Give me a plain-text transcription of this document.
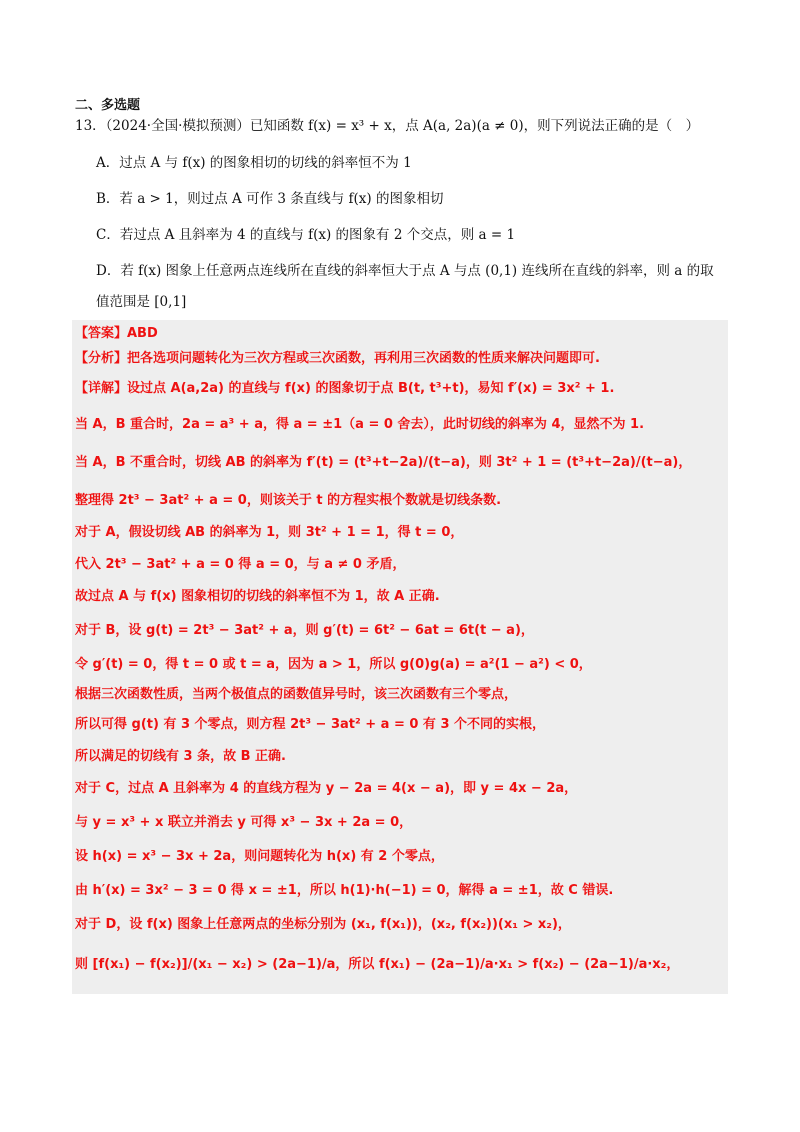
二、多选题
13．（2024·全国·模拟预测）已知函数 f(x) = x³ + x，点 A(a, 2a)(a ≠ 0)，则下列说法正确的是（　）
A．过点 A 与 f(x) 的图象相切的切线的斜率恒不为 1
B．若 a > 1，则过点 A 可作 3 条直线与 f(x) 的图象相切
C．若过点 A 且斜率为 4 的直线与 f(x) 的图象有 2 个交点，则 a = 1
D．若 f(x) 图象上任意两点连线所在直线的斜率恒大于点 A 与点 (0,1) 连线所在直线的斜率，则 a 的取
值范围是 [0,1]
【答案】ABD
【分析】把各选项问题转化为三次方程或三次函数，再利用三次函数的性质来解决问题即可.
【详解】设过点 A(a,2a) 的直线与 f(x) 的图象切于点 B(t, t³+t)，易知 f′(x) = 3x² + 1.
当 A，B 重合时，2a = a³ + a，得 a = ±1（a = 0 舍去），此时切线的斜率为 4，显然不为 1.
当 A，B 不重合时，切线 AB 的斜率为 f′(t) = (t³+t−2a)/(t−a)，则 3t² + 1 = (t³+t−2a)/(t−a)，
整理得 2t³ − 3at² + a = 0，则该关于 t 的方程实根个数就是切线条数.
对于 A，假设切线 AB 的斜率为 1，则 3t² + 1 = 1，得 t = 0，
代入 2t³ − 3at² + a = 0 得 a = 0，与 a ≠ 0 矛盾，
故过点 A 与 f(x) 图象相切的切线的斜率恒不为 1，故 A 正确.
对于 B，设 g(t) = 2t³ − 3at² + a，则 g′(t) = 6t² − 6at = 6t(t − a)，
令 g′(t) = 0，得 t = 0 或 t = a，因为 a > 1，所以 g(0)g(a) = a²(1 − a²) < 0，
根据三次函数性质，当两个极值点的函数值异号时，该三次函数有三个零点，
所以可得 g(t) 有 3 个零点，则方程 2t³ − 3at² + a = 0 有 3 个不同的实根，
所以满足的切线有 3 条，故 B 正确.
对于 C，过点 A 且斜率为 4 的直线方程为 y − 2a = 4(x − a)，即 y = 4x − 2a，
与 y = x³ + x 联立并消去 y 可得 x³ − 3x + 2a = 0，
设 h(x) = x³ − 3x + 2a，则问题转化为 h(x) 有 2 个零点，
由 h′(x) = 3x² − 3 = 0 得 x = ±1，所以 h(1)·h(−1) = 0，解得 a = ±1，故 C 错误.
对于 D，设 f(x) 图象上任意两点的坐标分别为 (x₁, f(x₁))，(x₂, f(x₂))(x₁ > x₂)，
则 [f(x₁) − f(x₂)]/(x₁ − x₂) > (2a−1)/a，所以 f(x₁) − (2a−1)/a·x₁ > f(x₂) − (2a−1)/a·x₂，
